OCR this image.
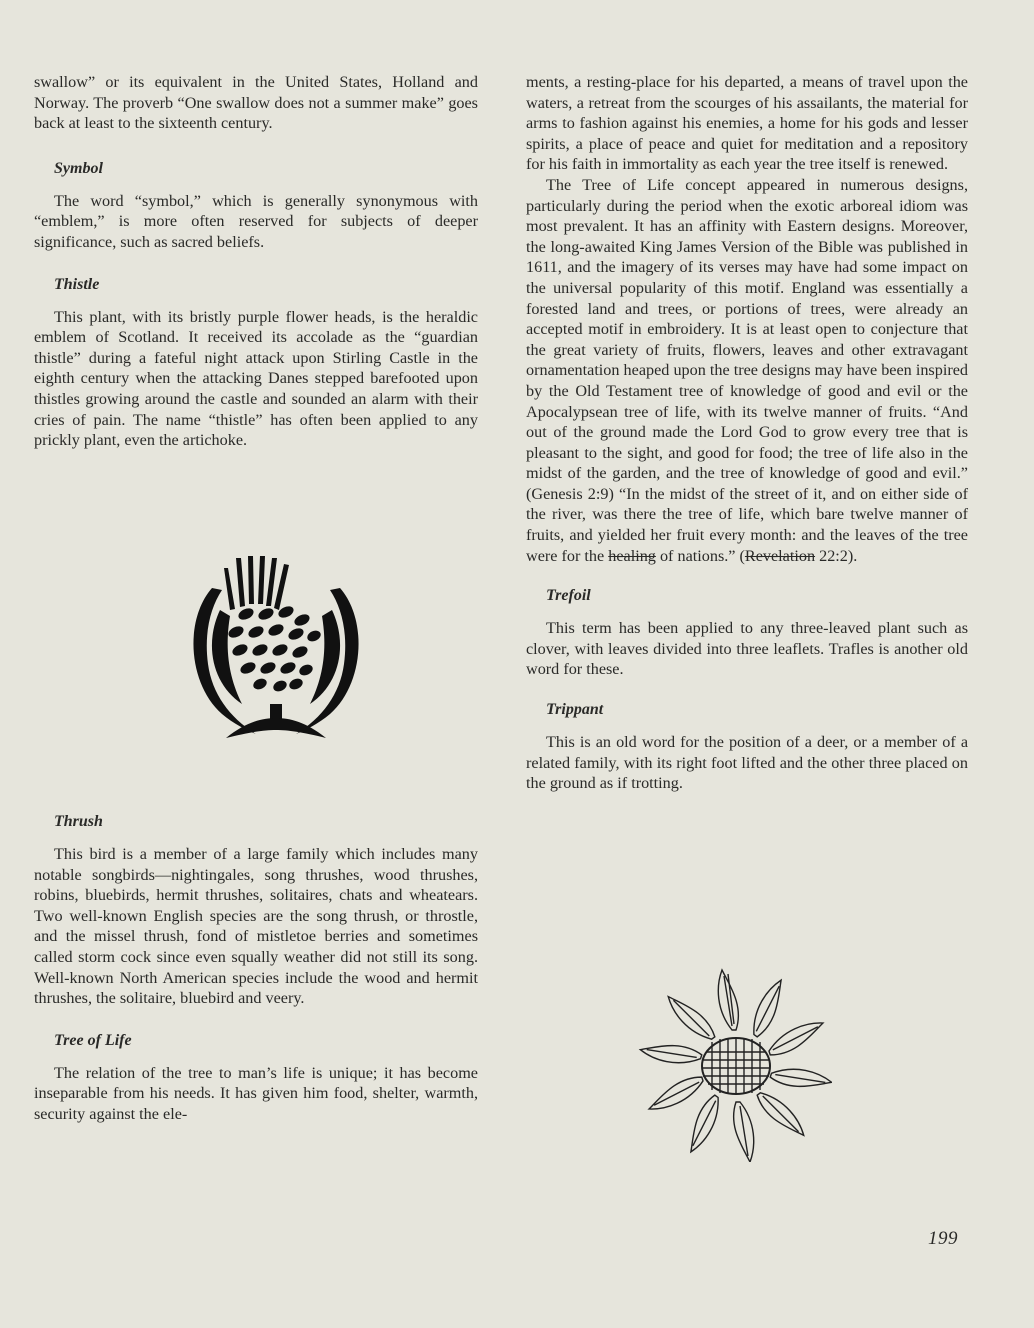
swallow” or its equivalent in the United States, Holland and Norway. The proverb “One swallow does not a summer make” goes back at least to the sixteenth century.

Symbol

The word “symbol,” which is generally synonymous with “emblem,” is more often reserved for subjects of deeper significance, such as sacred beliefs.

Thistle

This plant, with its bristly purple flower heads, is the heraldic emblem of Scotland. It received its accolade as the “guardian thistle” during a fateful night attack upon Stirling Castle in the eighth century when the attacking Danes stepped barefooted upon thistles growing around the castle and sounded an alarm with their cries of pain. The name “thistle” has often been applied to any prickly plant, even the artichoke.

Thrush

This bird is a member of a large family which includes many notable songbirds—nightingales, song thrushes, wood thrushes, robins, bluebirds, hermit thrushes, solitaires, chats and wheatears. Two well-known English species are the song thrush, or throstle, and the missel thrush, fond of mistletoe berries and sometimes called storm cock since even squally weather did not still its song. Well-known North American species include the wood and hermit thrushes, the solitaire, bluebird and veery.

Tree of Life

The relation of the tree to man’s life is unique; it has become inseparable from his needs. It has given him food, shelter, warmth, security against the ele-

ments, a resting-place for his departed, a means of travel upon the waters, a retreat from the scourges of his assailants, the material for arms to fashion against his enemies, a home for his gods and lesser spirits, a place of peace and quiet for meditation and a repository for his faith in immortality as each year the tree itself is renewed.

The Tree of Life concept appeared in numerous designs, particularly during the period when the exotic arboreal idiom was most prevalent. It has an affinity with Eastern designs. Moreover, the long-awaited King James Version of the Bible was published in 1611, and the imagery of its verses may have had some impact on the universal popularity of this motif. England was essentially a forested land and trees, or portions of trees, were already an accepted motif in embroidery. It is at least open to conjecture that the great variety of fruits, flowers, leaves and other extravagant ornamentation heaped upon the tree designs may have been inspired by the Old Testament tree of knowledge of good and evil or the Apocalypsean tree of life, with its twelve manner of fruits. “And out of the ground made the Lord God to grow every tree that is pleasant to the sight, and good for food; the tree of life also in the midst of the garden, and the tree of knowledge of good and evil.” (Genesis 2:9) “In the midst of the street of it, and on either side of the river, was there the tree of life, which bare twelve manner of fruits, and yielded her fruit every month: and the leaves of the tree were for the healing of nations.” (Revelation 22:2).

Trefoil

This term has been applied to any three-leaved plant such as clover, with leaves divided into three leaflets. Trafles is another old word for these.

Trippant

This is an old word for the position of a deer, or a member of a related family, with its right foot lifted and the other three placed on the ground as if trotting.

199
